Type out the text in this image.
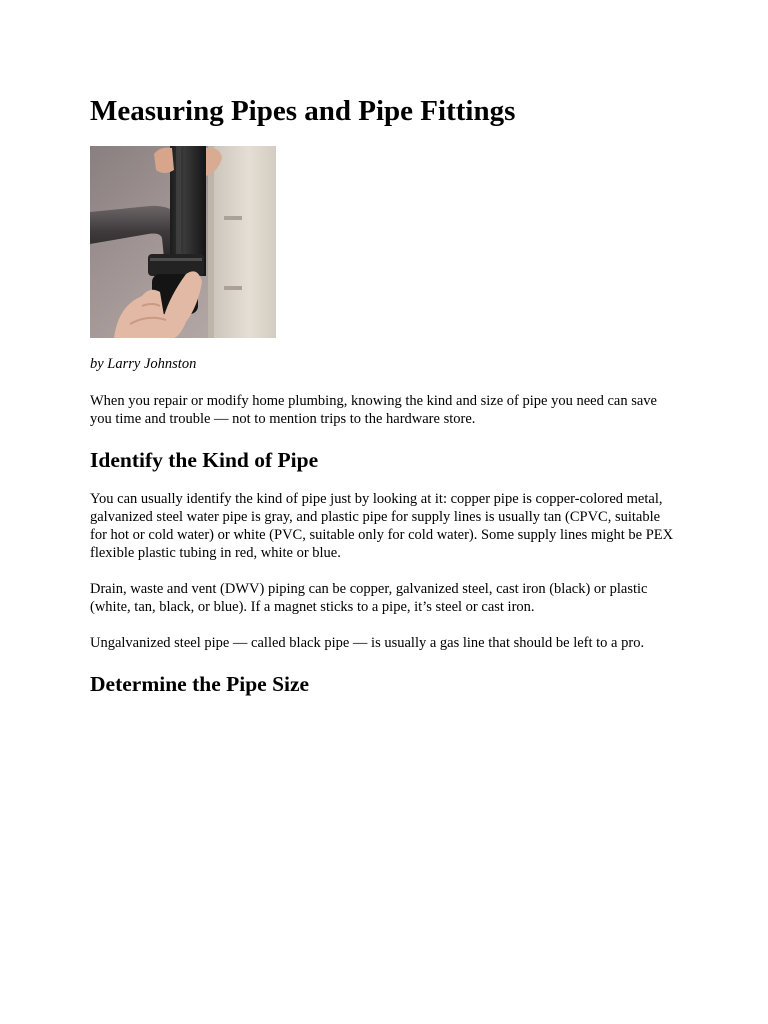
Measuring Pipes and Pipe Fittings

by Larry Johnston

When you repair or modify home plumbing, knowing the kind and size of pipe you need can save you time and trouble — not to mention trips to the hardware store.

Identify the Kind of Pipe

You can usually identify the kind of pipe just by looking at it: copper pipe is copper-colored metal, galvanized steel water pipe is gray, and plastic pipe for supply lines is usually tan (CPVC, suitable for hot or cold water) or white (PVC, suitable only for cold water). Some supply lines might be PEX flexible plastic tubing in red, white or blue.

Drain, waste and vent (DWV) piping can be copper, galvanized steel, cast iron (black) or plastic (white, tan, black, or blue). If a magnet sticks to a pipe, it’s steel or cast iron.

Ungalvanized steel pipe — called black pipe — is usually a gas line that should be left to a pro.

Determine the Pipe Size
